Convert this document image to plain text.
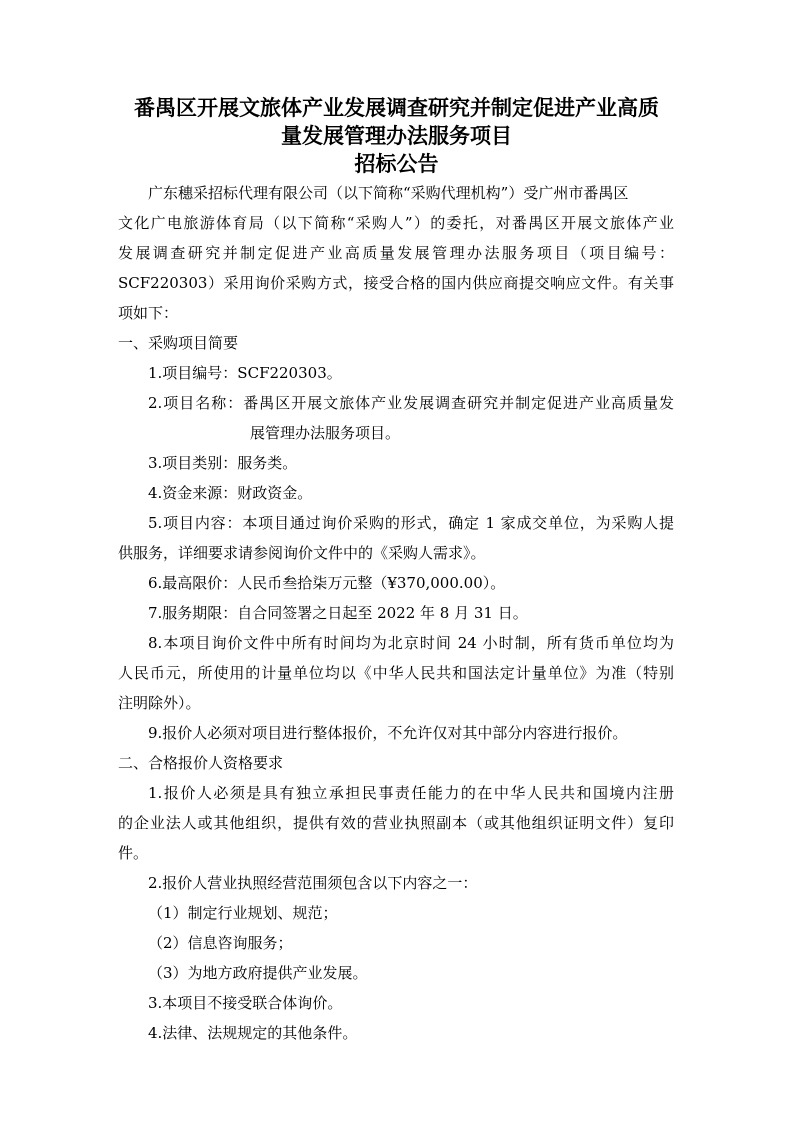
番禺区开展文旅体产业发展调查研究并制定促进产业高质
量发展管理办法服务项目
招标公告
广东穗采招标代理有限公司（以下简称“采购代理机构”）受广州市番禺区
文化广电旅游体育局（以下简称“采购人”）的委托，对番禺区开展文旅体产业
发展调查研究并制定促进产业高质量发展管理办法服务项目（项目编号：
SCF220303）采用询价采购方式，接受合格的国内供应商提交响应文件。有关事
项如下：
一、采购项目简要
1.项目编号：SCF220303。
2.项目名称：番禺区开展文旅体产业发展调查研究并制定促进产业高质量发
展管理办法服务项目。
3.项目类别：服务类。
4.资金来源：财政资金。
5.项目内容：本项目通过询价采购的形式，确定 1 家成交单位，为采购人提
供服务，详细要求请参阅询价文件中的《采购人需求》。
6.最高限价：人民币叁拾柒万元整（¥370,000.00）。
7.服务期限：自合同签署之日起至 2022 年 8 月 31 日。
8.本项目询价文件中所有时间均为北京时间 24 小时制，所有货币单位均为
人民币元，所使用的计量单位均以《中华人民共和国法定计量单位》为准（特别
注明除外）。
9.报价人必须对项目进行整体报价，不允许仅对其中部分内容进行报价。
二、合格报价人资格要求
1.报价人必须是具有独立承担民事责任能力的在中华人民共和国境内注册
的企业法人或其他组织，提供有效的营业执照副本（或其他组织证明文件）复印
件。
2.报价人营业执照经营范围须包含以下内容之一：
（1）制定行业规划、规范；
（2）信息咨询服务；
（3）为地方政府提供产业发展。
3.本项目不接受联合体询价。
4.法律、法规规定的其他条件。
